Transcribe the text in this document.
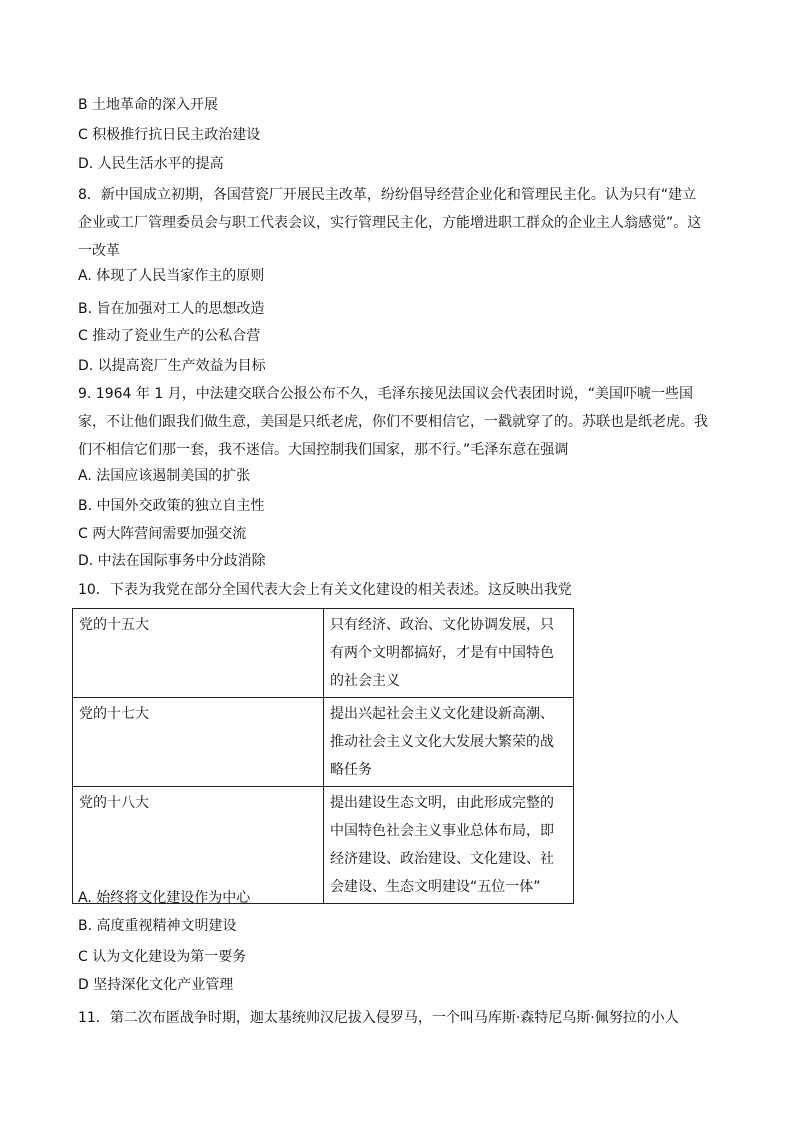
B 土地革命的深入开展
C 积极推行抗日民主政治建设
D. 人民生活水平的提高
8．新中国成立初期，各国营瓷厂开展民主改革，纷纷倡导经营企业化和管理民主化。认为只有“建立企业或工厂管理委员会与职工代表会议，实行管理民主化，方能增进职工群众的企业主人翁感觉”。这一改革
A. 体现了人民当家作主的原则
B. 旨在加强对工人的思想改造
C 推动了瓷业生产的公私合营
D. 以提高瓷厂生产效益为目标
9. 1964 年 1 月，中法建交联合公报公布不久，毛泽东接见法国议会代表团时说，“美国吓唬一些国家，不让他们跟我们做生意，美国是只纸老虎，你们不要相信它，一戳就穿了的。苏联也是纸老虎。我们不相信它们那一套，我不迷信。大国控制我们国家，那不行。”毛泽东意在强调
A. 法国应该遏制美国的扩张
B. 中国外交政策的独立自主性
C 两大阵营间需要加强交流
D. 中法在国际事务中分歧消除
10．下表为我党在部分全国代表大会上有关文化建设的相关表述。这反映出我党
党的十五大	只有经济、政治、文化协调发展，只有两个文明都搞好，才是有中国特色的社会主义
党的十七大	提出兴起社会主义文化建设新高潮、推动社会主义文化大发展大繁荣的战略任务
党的十八大	提出建设生态文明，由此形成完整的中国特色社会主义事业总体布局，即经济建设、政治建设、文化建设、社会建设、生态文明建设“五位一体”
A. 始终将文化建设作为中心
B. 高度重视精神文明建设
C 认为文化建设为第一要务
D 坚持深化文化产业管理
11．第二次布匿战争时期，迦太基统帅汉尼拔入侵罗马，一个叫马库斯·森特尼乌斯·佩努拉的小人
